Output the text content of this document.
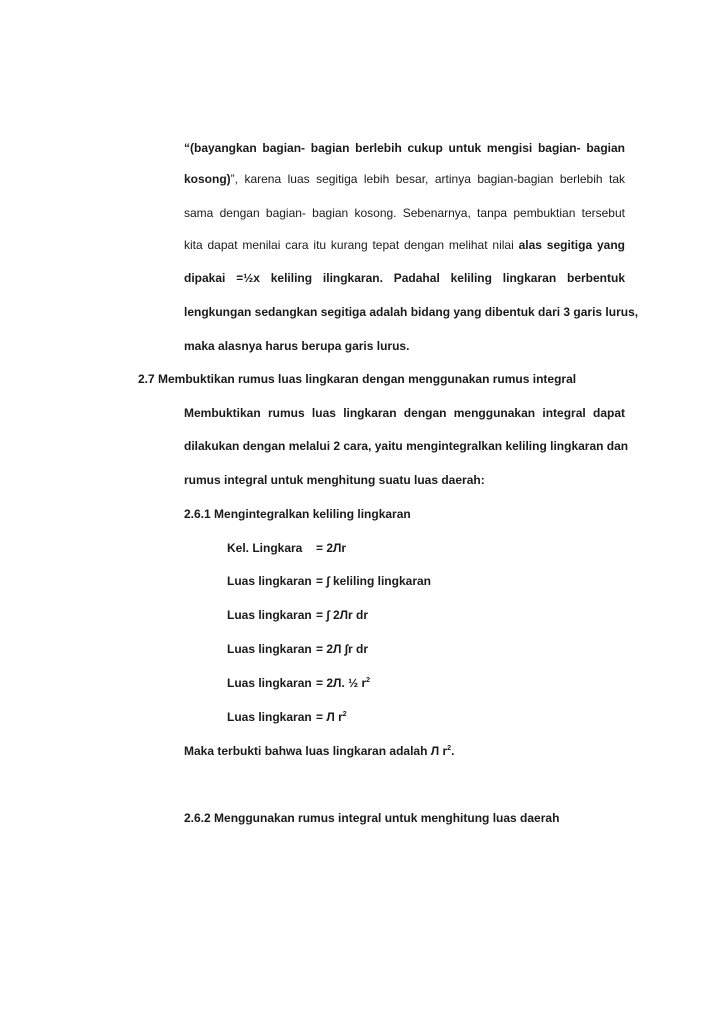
“(bayangkan bagian- bagian berlebih cukup untuk mengisi bagian- bagian
kosong)”, karena luas segitiga lebih besar, artinya bagian-bagian berlebih tak
sama dengan bagian- bagian kosong. Sebenarnya, tanpa pembuktian tersebut
kita dapat menilai cara itu kurang tepat dengan melihat nilai alas segitiga yang
dipakai =½x keliling ilingkaran. Padahal keliling lingkaran berbentuk
lengkungan sedangkan segitiga adalah bidang yang dibentuk dari 3 garis lurus,
maka alasnya harus berupa garis lurus.
2.7 Membuktikan rumus luas lingkaran dengan menggunakan rumus integral
Membuktikan rumus luas lingkaran dengan menggunakan integral dapat
dilakukan dengan melalui 2 cara, yaitu mengintegralkan keliling lingkaran dan
rumus integral untuk menghitung suatu luas daerah:
2.6.1 Mengintegralkan keliling lingkaran
Kel. Lingkara = 2Лr
Luas lingkaran = ∫ keliling lingkaran
Luas lingkaran = ∫ 2Лr dr
Luas lingkaran = 2Л ∫r dr
Luas lingkaran = 2Л. ½ $r^2$
Luas lingkaran = Л $r^2$
Maka terbukti bahwa luas lingkaran adalah Л $r^2$.
2.6.2 Menggunakan rumus integral untuk menghitung luas daerah
